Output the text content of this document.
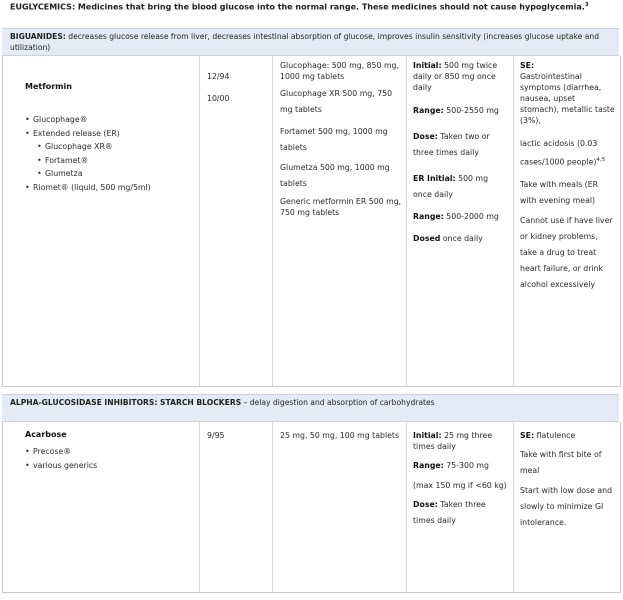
EUGLYCEMICS: Medicines that bring the blood glucose into the normal range. These medicines should not cause hypoglycemia.$^3$
BIGUANIDES: decreases glucose release from liver, decreases intestinal absorption of glucose, improves insulin sensitivity (increases glucose uptake and utilization)
Metformin
• Glucophage®
• Extended release (ER)
• Glucophage XR®
• Fortamet®
• Glumetza
• Riomet® (liquid, 500 mg/5ml)
12/94
10/00
Glucophage: 500 mg, 850 mg, 1000 mg tablets
Glucophage XR 500 mg, 750 mg tablets
Fortamet 500 mg, 1000 mg tablets
Glumetza 500 mg, 1000 mg tablets
Generic metformin ER 500 mg, 750 mg tablets
Initial: 500 mg twice daily or 850 mg once daily
Range: 500-2550 mg
Dose: Taken two or three times daily
ER Initial: 500 mg once daily
Range: 500-2000 mg
Dosed once daily
SE:
Gastrointestinal symptoms (diarrhea, nausea, upset stomach), metallic taste (3%),
lactic acidosis (0.03 cases/1000 people)$^{4,5}$
Take with meals (ER with evening meal)
Cannot use if have liver or kidney problems, take a drug to treat heart failure, or drink alcohol excessively
ALPHA-GLUCOSIDASE INHIBITORS: STARCH BLOCKERS – delay digestion and absorption of carbohydrates
Acarbose
• Precose®
• various generics
9/95	25 mg, 50 mg, 100 mg tablets	Initial: 25 mg three times daily
Range: 75-300 mg
(max 150 mg if <60 kg)
Dose: Taken three times daily
SE: flatulence
Take with first bite of meal
Start with low dose and slowly to minimize GI intolerance.
